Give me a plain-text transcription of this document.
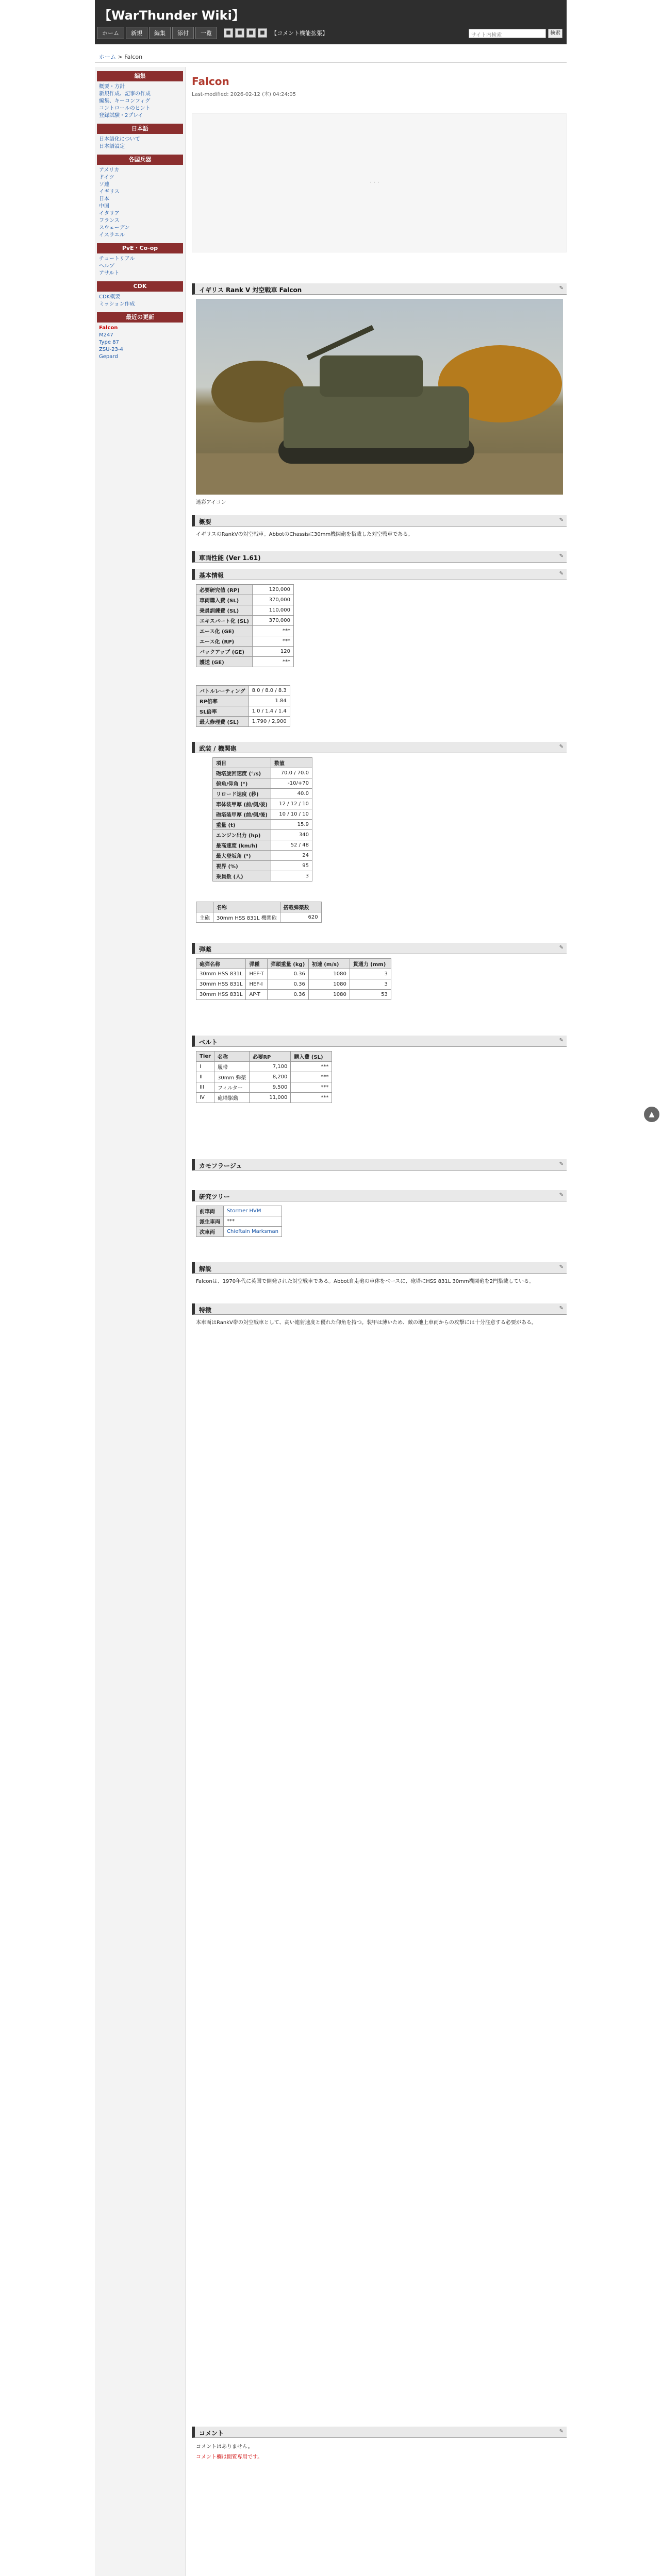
【WarThunder Wiki】
ホーム	新規	編集	添付	一覧	■	■	■	■	【コメント機能拡張】	サイト内検索	検索
ホーム > Falcon
編集
概要・方針
新規作成、記事の作成
編集、キーコンフィグ
コントロールのヒント
登録試験・2プレイ
日本語
日本語化について
日本語設定
各国兵器
アメリカ
ドイツ
ソ連
イギリス
日本
中国
イタリア
フランス
スウェーデン
イスラエル
PvE・Co-op
チュートリアル
ヘルプ
アサルト
CDK
CDK概要
ミッション作成
最近の更新
Falcon
M247
Type 87
ZSU-23-4
Gepard
Falcon
Last-modified: 2026-02-12 (木) 04:24:05
· · ·
イギリス Rank V 対空戦車 Falcon	✎
迷彩アイコン
概要	✎
イギリスのRankVの対空戦車。AbbotのChassisに30mm機関砲を搭載した対空戦車である。
車両性能 (Ver 1.61)	✎
基本情報	✎
必要研究値 (RP)	120,000
車両購入費 (SL)	370,000
乗員訓練費 (SL)	110,000
エキスパート化 (SL)	370,000
エース化 (GE)	***
エース化 (RP)	***
バックアップ (GE)	120
護送 (GE)	***
バトルレーティング	8.0 / 8.0 / 8.3
RP倍率	1.84
SL倍率	1.0 / 1.4 / 1.4
最大修理費 (SL)	1,790 / 2,900
武装 / 機関砲	✎
項目	数値
砲塔旋回速度 (°/s)	70.0 / 70.0
俯角/仰角 (°)	-10/+70
リロード速度 (秒)	40.0
車体装甲厚 (前/側/後)	12 / 12 / 10
砲塔装甲厚 (前/側/後)	10 / 10 / 10
重量 (t)	15.9
エンジン出力 (hp)	340
最高速度 (km/h)	52 / 48
最大登坂角 (°)	24
視界 (%)	95
乗員数 (人)	3
	名称	搭載弾薬数
主砲	30mm HSS 831L 機関砲	620
弾薬	✎
砲弾名称	弾種	弾頭重量 (kg)	初速 (m/s)	貫通力 (mm)
30mm HSS 831L	HEF-T	0.36	1080	3
30mm HSS 831L	HEF-I	0.36	1080	3
30mm HSS 831L	AP-T	0.36	1080	53
ベルト	✎
Tier	名称	必要RP	購入費 (SL)
I	履帯	7,100	***
II	30mm 弾薬	8,200	***
III	フィルター	9,500	***
IV	砲塔駆動	11,000	***
カモフラージュ	✎
研究ツリー	✎
前車両	Stormer HVM
派生車両	***
次車両	Chieftain Marksman
解説	✎
Falconは、1970年代に英国で開発された対空戦車である。Abbot自走砲の車体をベースに、砲塔にHSS 831L 30mm機関砲を2門搭載している。
特徴	✎
本車両はRankV帯の対空戦車として、高い連射速度と優れた仰角を持つ。装甲は薄いため、敵の地上車両からの攻撃には十分注意する必要がある。
コメント	✎
コメントはありません。
コメント欄は閲覧専用です。
▲
